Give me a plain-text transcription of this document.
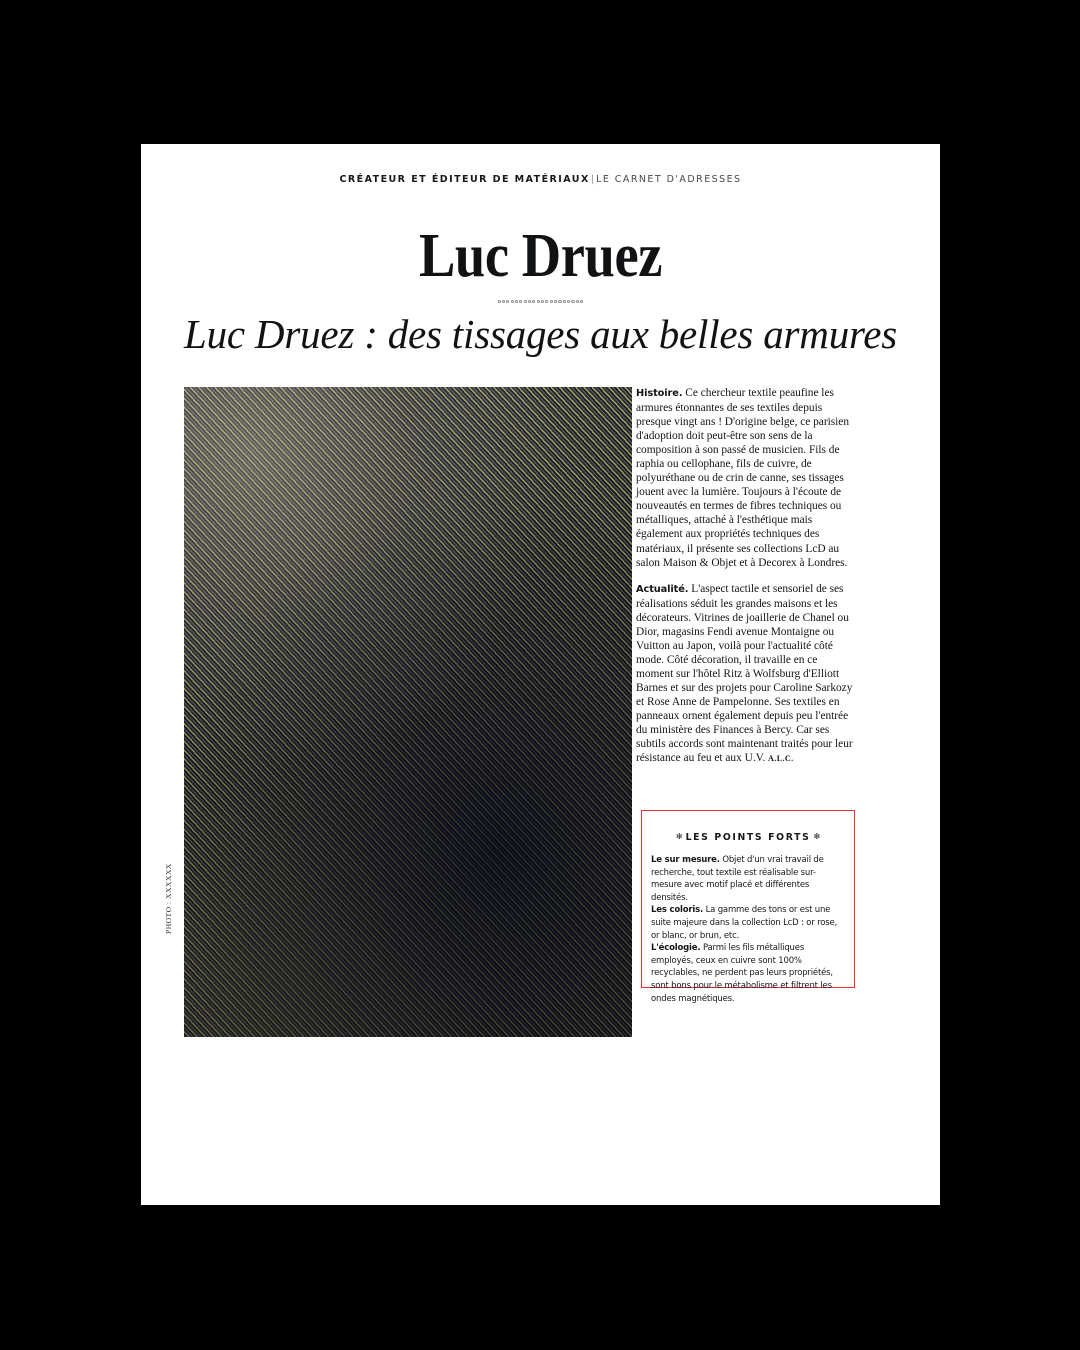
CRÉATEUR ET ÉDITEUR DE MATÉRIAUX|LE CARNET D'ADRESSES
Luc Druez
Luc Druez : des tissages aux belles armures
PHOTO : XXXXXX

Histoire. Ce chercheur textile peaufine les armures étonnantes de ses textiles depuis presque vingt ans ! D'origine belge, ce parisien d'adoption doit peut-être son sens de la composition à son passé de musicien. Fils de raphia ou cellophane, fils de cuivre, de polyuréthane ou de crin de canne, ses tissages jouent avec la lumière. Toujours à l'écoute de nouveautés en termes de fibres techniques ou métalliques, attaché à l'esthétique mais également aux propriétés techniques des matériaux, il présente ses collections LcD au salon Maison & Objet et à Decorex à Londres.

Actualité. L'aspect tactile et sensoriel de ses réalisations séduit les grandes maisons et les décorateurs. Vitrines de joaillerie de Chanel ou Dior, magasins Fendi avenue Montaigne ou Vuitton au Japon, voilà pour l'actualité côté mode. Côté décoration, il travaille en ce moment sur l'hôtel Ritz à Wolfsburg d'Elliott Barnes et sur des projets pour Caroline Sarkozy et Rose Anne de Pampelonne. Ses textiles en panneaux ornent également depuis peu l'entrée du ministère des Finances à Bercy. Car ses subtils accords sont maintenant traités pour leur résistance au feu et aux U.V. A.L.C.

✻ LES POINTS FORTS ✻

Le sur mesure. Objet d'un vrai travail de recherche, tout textile est réalisable sur-mesure avec motif placé et différentes densités.

Les coloris. La gamme des tons or est une suite majeure dans la collection LcD : or rose, or blanc, or brun, etc.

L'écologie. Parmi les fils métalliques employés, ceux en cuivre sont 100% recyclables, ne perdent pas leurs propriétés, sont bons pour le métabolisme et filtrent les ondes magnétiques.
